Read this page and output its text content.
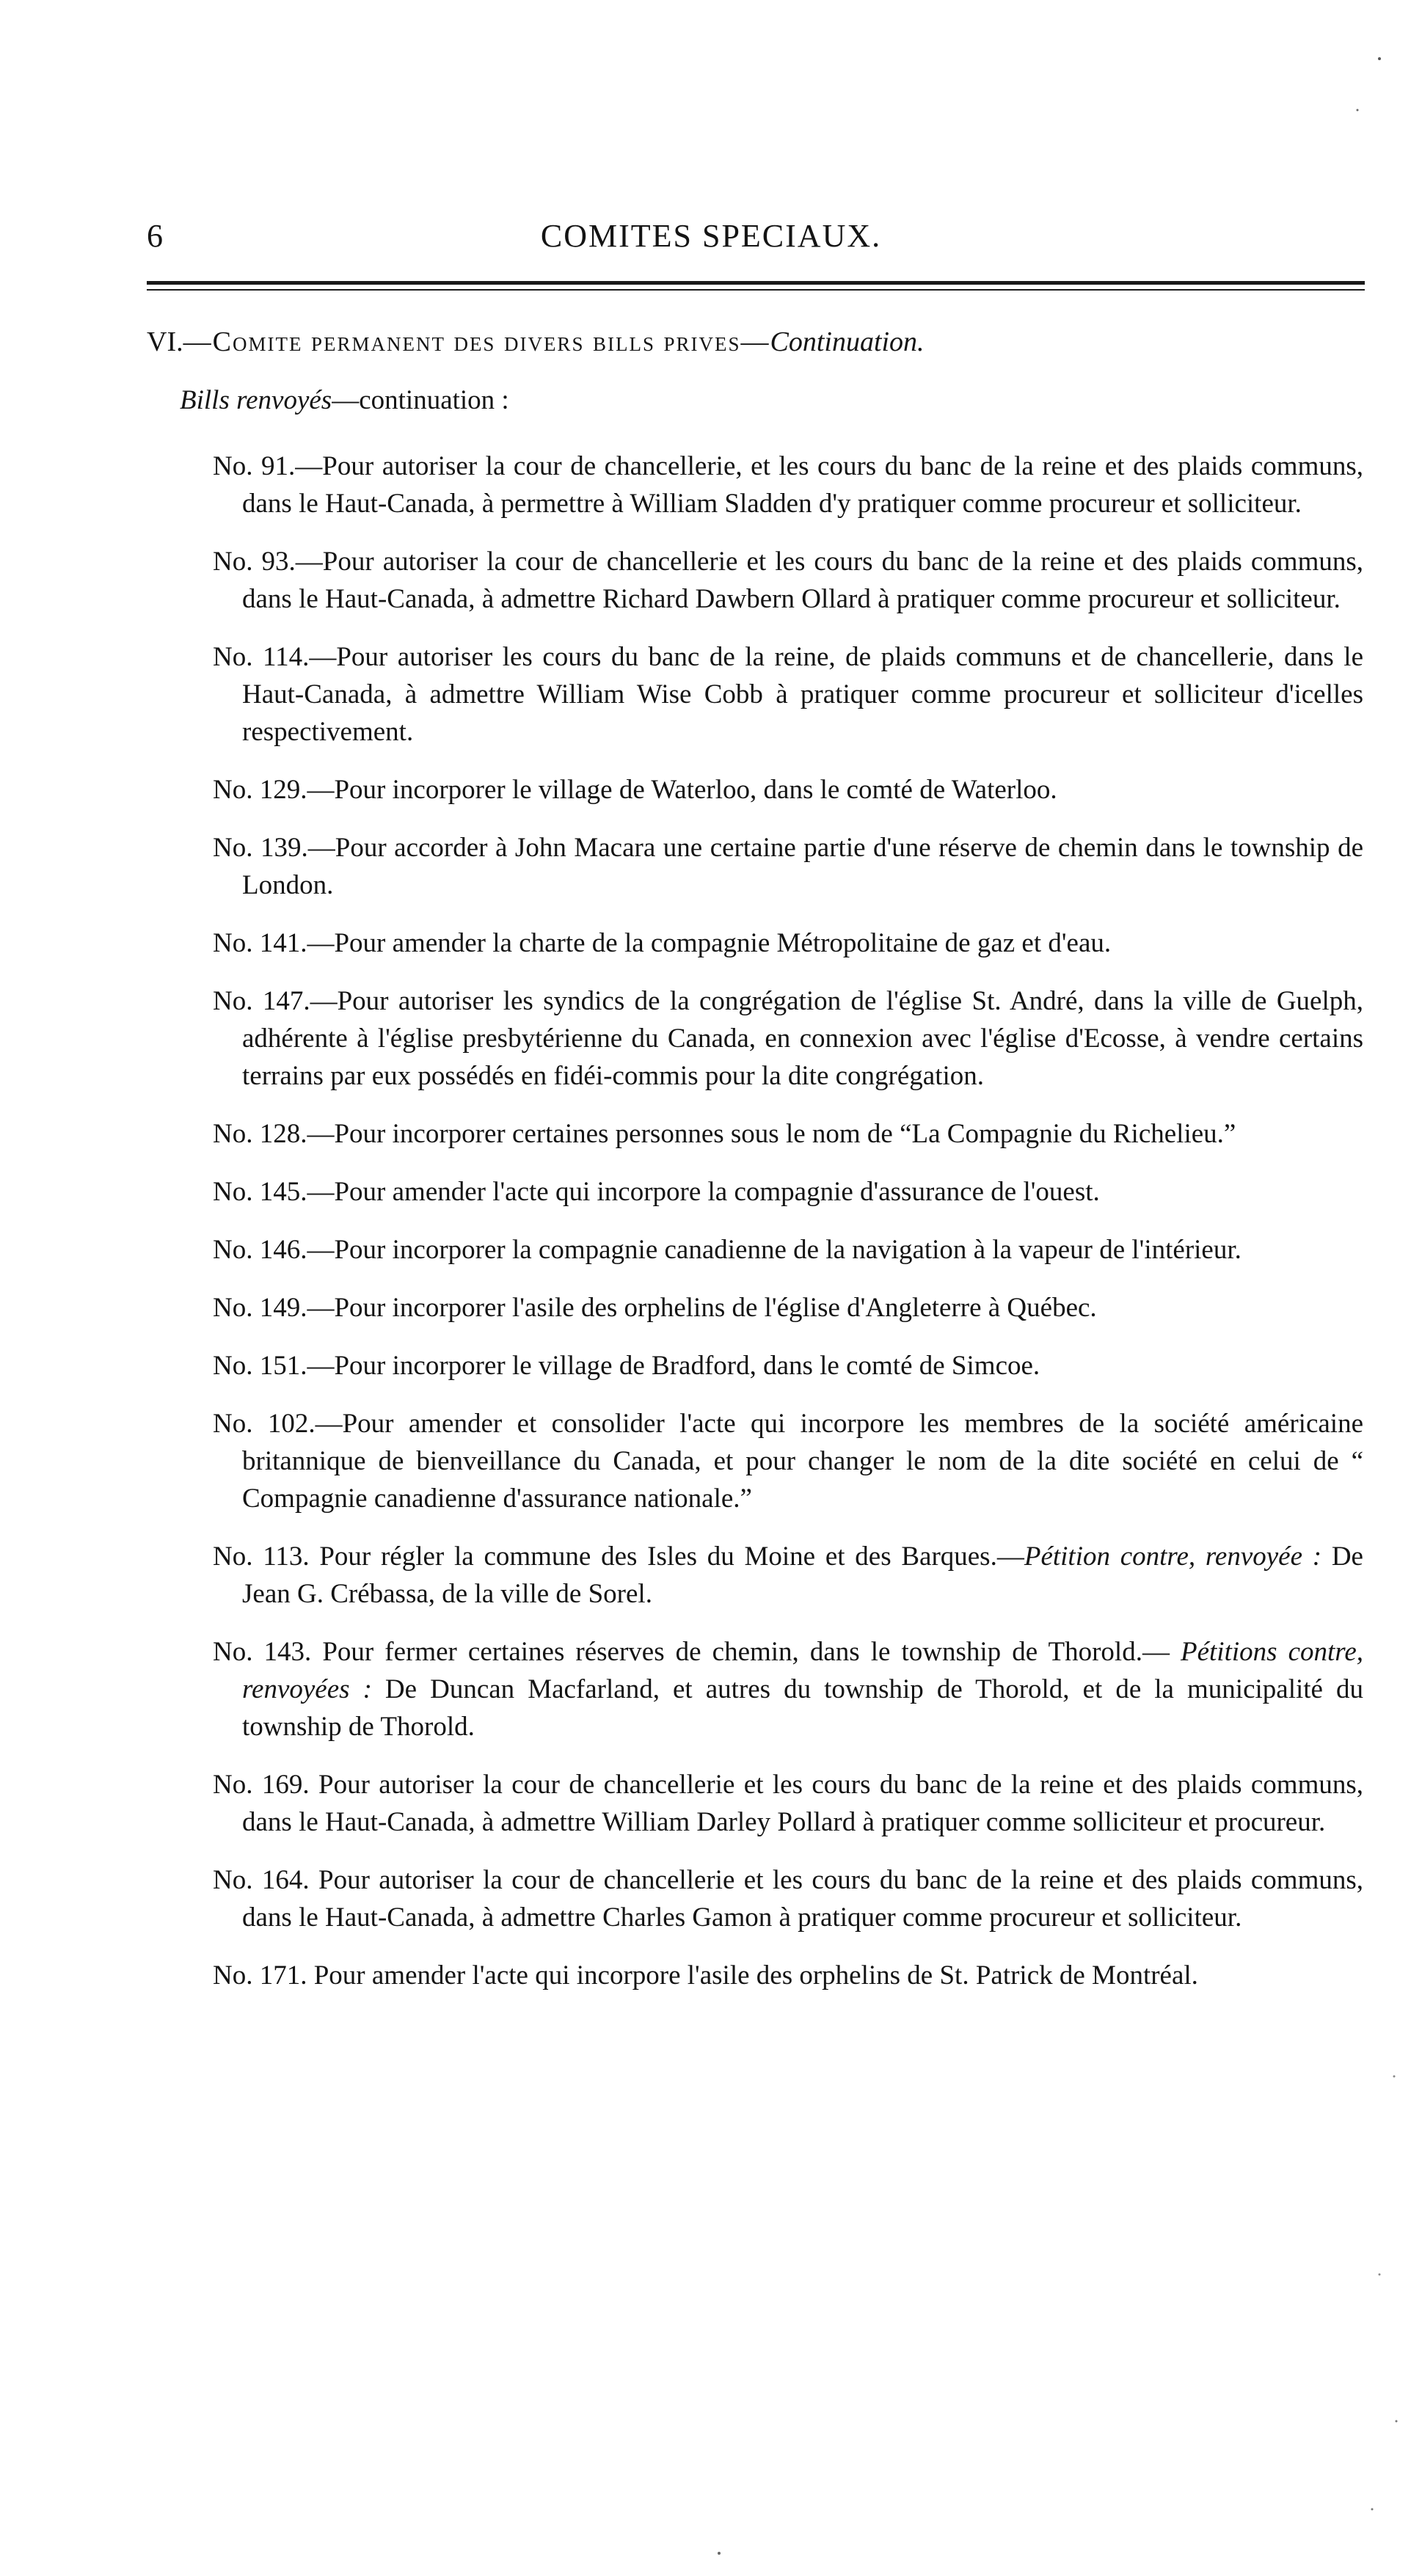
6	COMITES SPECIAUX.
VI.—Comite permanent des divers bills prives—Continuation.
Bills renvoyés—continuation :

No. 91.—Pour autoriser la cour de chancellerie, et les cours du banc de la reine et des plaids communs, dans le Haut-Canada, à permettre à William Sladden d'y pratiquer comme procureur et solliciteur.

No. 93.—Pour autoriser la cour de chancellerie et les cours du banc de la reine et des plaids communs, dans le Haut-Canada, à admettre Richard Dawbern Ollard à pratiquer comme procureur et solliciteur.

No. 114.—Pour autoriser les cours du banc de la reine, de plaids communs et de chancellerie, dans le Haut-Canada, à admettre William Wise Cobb à pratiquer comme procureur et solliciteur d'icelles respectivement.

No. 129.—Pour incorporer le village de Waterloo, dans le comté de Waterloo.

No. 139.—Pour accorder à John Macara une certaine partie d'une réserve de chemin dans le township de London.

No. 141.—Pour amender la charte de la compagnie Métropolitaine de gaz et d'eau.

No. 147.—Pour autoriser les syndics de la congrégation de l'église St. André, dans la ville de Guelph, adhérente à l'église presbytérienne du Canada, en connexion avec l'église d'Ecosse, à vendre certains terrains par eux possédés en fidéi-commis pour la dite congrégation.

No. 128.—Pour incorporer certaines personnes sous le nom de “La Compagnie du Richelieu.”

No. 145.—Pour amender l'acte qui incorpore la compagnie d'assurance de l'ouest.

No. 146.—Pour incorporer la compagnie canadienne de la navigation à la vapeur de l'intérieur.

No. 149.—Pour incorporer l'asile des orphelins de l'église d'Angleterre à Québec.

No. 151.—Pour incorporer le village de Bradford, dans le comté de Simcoe.

No. 102.—Pour amender et consolider l'acte qui incorpore les membres de la société américaine britannique de bienveillance du Canada, et pour changer le nom de la dite société en celui de “ Compagnie canadienne d'assurance nationale.”

No. 113. Pour régler la commune des Isles du Moine et des Barques.—Pétition contre, renvoyée : De Jean G. Crébassa, de la ville de Sorel.

No. 143. Pour fermer certaines réserves de chemin, dans le township de Thorold.— Pétitions contre, renvoyées : De Duncan Macfarland, et autres du township de Thorold, et de la municipalité du township de Thorold.

No. 169. Pour autoriser la cour de chancellerie et les cours du banc de la reine et des plaids communs, dans le Haut-Canada, à admettre William Darley Pollard à pratiquer comme solliciteur et procureur.

No. 164. Pour autoriser la cour de chancellerie et les cours du banc de la reine et des plaids communs, dans le Haut-Canada, à admettre Charles Gamon à pratiquer comme procureur et solliciteur.

No. 171. Pour amender l'acte qui incorpore l'asile des orphelins de St. Patrick de Montréal.
